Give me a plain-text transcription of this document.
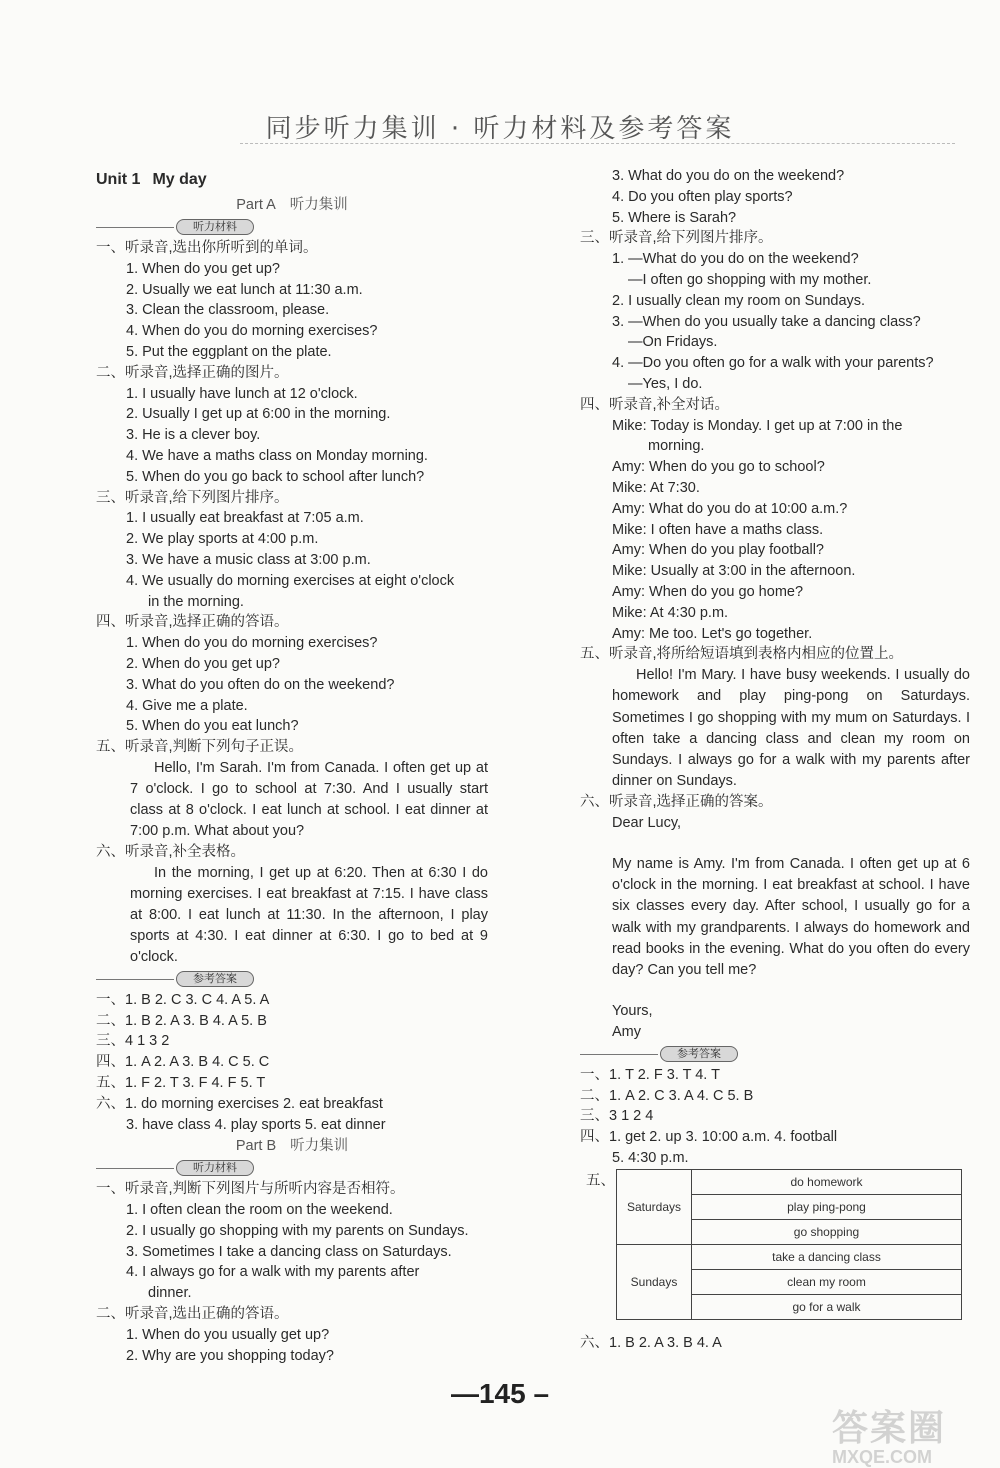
同步听力集训 · 听力材料及参考答案
Unit 1 My day
Part A 听力集训
听力材料
一、听录音,选出你所听到的单词。
1. When do you get up?
2. Usually we eat lunch at 11:30 a.m.
3. Clean the classroom, please.
4. When do you do morning exercises?
5. Put the eggplant on the plate.
二、听录音,选择正确的图片。
1. I usually have lunch at 12 o'clock.
2. Usually I get up at 6:00 in the morning.
3. He is a clever boy.
4. We have a maths class on Monday morning.
5. When do you go back to school after lunch?
三、听录音,给下列图片排序。
1. I usually eat breakfast at 7:05 a.m.
2. We play sports at 4:00 p.m.
3. We have a music class at 3:00 p.m.
4. We usually do morning exercises at eight o'clock
in the morning.
四、听录音,选择正确的答语。
1. When do you do morning exercises?
2. When do you get up?
3. What do you often do on the weekend?
4. Give me a plate.
5. When do you eat lunch?
五、听录音,判断下列句子正误。
Hello, I'm Sarah. I'm from Canada. I often get up at 7 o'clock. I go to school at 7:30. And I usually start class at 8 o'clock. I eat lunch at school. I eat dinner at 7:00 p.m. What about you?
六、听录音,补全表格。
In the morning, I get up at 6:20. Then at 6:30 I do morning exercises. I eat breakfast at 7:15. I have class at 8:00. I eat lunch at 11:30. In the afternoon, I play sports at 4:30. I eat dinner at 6:30. I go to bed at 9 o'clock.
参考答案
一、1. B 2. C 3. C 4. A 5. A
二、1. B 2. A 3. B 4. A 5. B
三、4 1 3 2
四、1. A 2. A 3. B 4. C 5. C
五、1. F 2. T 3. F 4. F 5. T
六、1. do morning exercises 2. eat breakfast
3. have class 4. play sports 5. eat dinner
Part B 听力集训
听力材料
一、听录音,判断下列图片与所听内容是否相符。
1. I often clean the room on the weekend.
2. I usually go shopping with my parents on Sundays.
3. Sometimes I take a dancing class on Saturdays.
4. I always go for a walk with my parents after
dinner.
二、听录音,选出正确的答语。
1. When do you usually get up?
2. Why are you shopping today?
3. What do you do on the weekend?
4. Do you often play sports?
5. Where is Sarah?
三、听录音,给下列图片排序。
1. —What do you do on the weekend?
—I often go shopping with my mother.
2. I usually clean my room on Sundays.
3. —When do you usually take a dancing class?
—On Fridays.
4. —Do you often go for a walk with your parents?
—Yes, I do.
四、听录音,补全对话。
Mike: Today is Monday. I get up at 7:00 in the
morning.
Amy: When do you go to school?
Mike: At 7:30.
Amy: What do you do at 10:00 a.m.?
Mike: I often have a maths class.
Amy: When do you play football?
Mike: Usually at 3:00 in the afternoon.
Amy: When do you go home?
Mike: At 4:30 p.m.
Amy: Me too. Let's go together.
五、听录音,将所给短语填到表格内相应的位置上。
Hello! I'm Mary. I have busy weekends. I usually do homework and play ping-pong on Saturdays. Sometimes I go shopping with my mum on Saturdays. I often take a dancing class and clean my room on Sundays. I always go for a walk with my parents after dinner on Sundays.
六、听录音,选择正确的答案。
Dear Lucy,
My name is Amy. I'm from Canada. I often get up at 6 o'clock in the morning. I eat breakfast at school. I have six classes every day. After school, I usually go for a walk with my grandparents. I always do homework and read books in the evening. What do you often do every day? Can you tell me?
Yours,
Amy
参考答案
一、1. T 2. F 3. T 4. T
二、1. A 2. C 3. A 4. C 5. B
三、3 1 2 4
四、1. get 2. up 3. 10:00 a.m. 4. football
5. 4:30 p.m.
五、
Saturdays	do homework
	play ping-pong
	go shopping
Sundays	take a dancing class
	clean my room
	go for a walk
六、1. B 2. A 3. B 4. A
—145 –
答案圈
MXQE.COM
